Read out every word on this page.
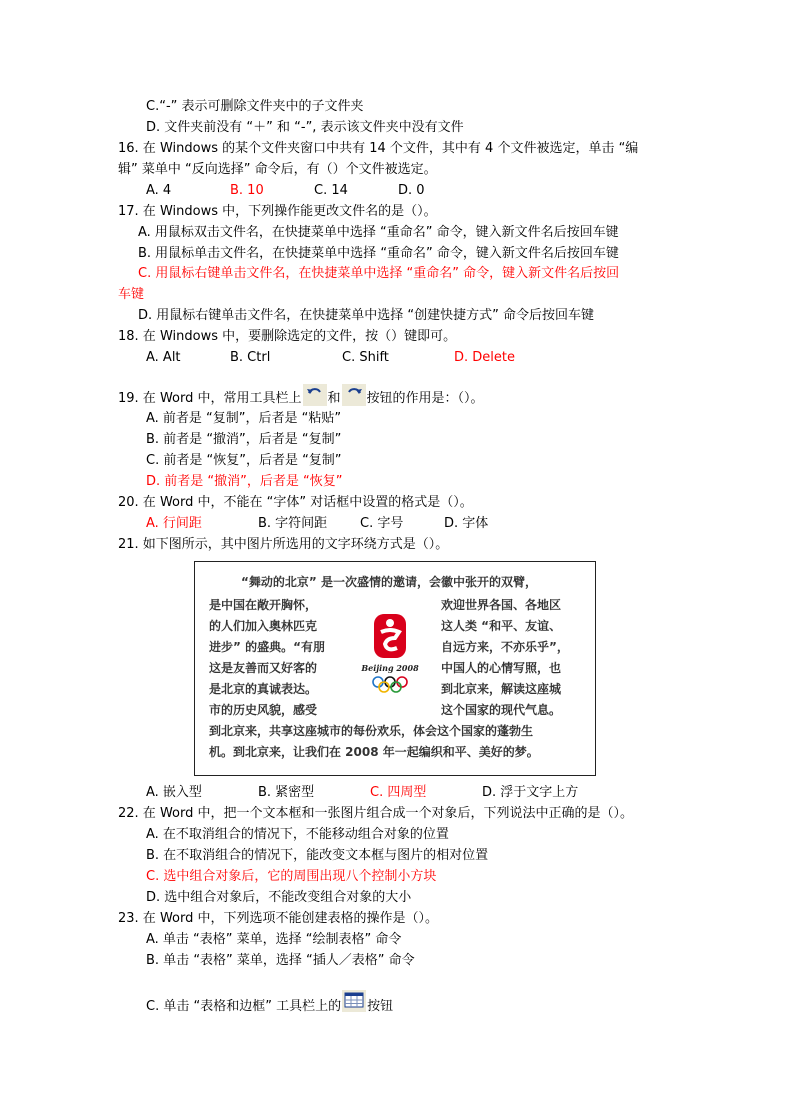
C.“-” 表示可删除文件夹中的子文件夹
D. 文件夹前没有 “＋” 和 “-”, 表示该文件夹中没有文件
16. 在 Windows 的某个文件夹窗口中共有 14 个文件，其中有 4 个文件被选定，单击 “编
辑” 菜单中 “反向选择” 命令后，有（）个文件被选定。
A. 4	B. 10	C. 14	D. 0
17. 在 Windows 中，下列操作能更改文件名的是（）。
A. 用鼠标双击文件名，在快捷菜单中选择 “重命名” 命令，键入新文件名后按回车键
B. 用鼠标单击文件名，在快捷菜单中选择 “重命名” 命令，键入新文件名后按回车键
C. 用鼠标右键单击文件名，在快捷菜单中选择 “重命名” 命令，键入新文件名后按回
车键
D. 用鼠标右键单击文件名，在快捷菜单中选择 “创建快捷方式” 命令后按回车键
18. 在 Windows 中，要删除选定的文件，按（）键即可。
A. Alt	B. Ctrl	C. Shift	D. Delete
19. 在 Word 中，常用工具栏上 和 按钮的作用是：（）。
A. 前者是 “复制”，后者是 “粘贴”
B. 前者是 “撤消”，后者是 “复制”
C. 前者是 “恢复”，后者是 “复制”
D. 前者是 “撤消”，后者是 “恢复”
20. 在 Word 中，不能在 “字体” 对话框中设置的格式是（）。
A. 行间距	B. 字符间距	C. 字号	D. 字体
21. 如下图所示，其中图片所选用的文字环绕方式是（）。
“舞动的北京” 是一次盛情的邀请，会徽中张开的双臂，
是中国在敞开胸怀，
的人们加入奥林匹克
进步” 的盛典。“有朋
这是友善而又好客的
是北京的真诚表达。
市的历史风貌，感受
欢迎世界各国、各地区
这人类 “和平、友谊、
自远方来，不亦乐乎”，
中国人的心情写照，也
到北京来，解读这座城
这个国家的现代气息。
到北京来，共享这座城市的每份欢乐，体会这个国家的蓬勃生
机。到北京来，让我们在 2008 年一起编织和平、美好的梦。
Beijing 2008
A. 嵌入型	B. 紧密型	C. 四周型	D. 浮于文字上方
22. 在 Word 中，把一个文本框和一张图片组合成一个对象后，下列说法中正确的是（）。
A. 在不取消组合的情况下，不能移动组合对象的位置
B. 在不取消组合的情况下，能改变文本框与图片的相对位置
C. 选中组合对象后，它的周围出现八个控制小方块
D. 选中组合对象后，不能改变组合对象的大小
23. 在 Word 中，下列选项不能创建表格的操作是（）。
A. 单击 “表格” 菜单，选择 “绘制表格” 命令
B. 单击 “表格” 菜单，选择 “插人／表格” 命令
C. 单击 “表格和边框” 工具栏上的 按钮
